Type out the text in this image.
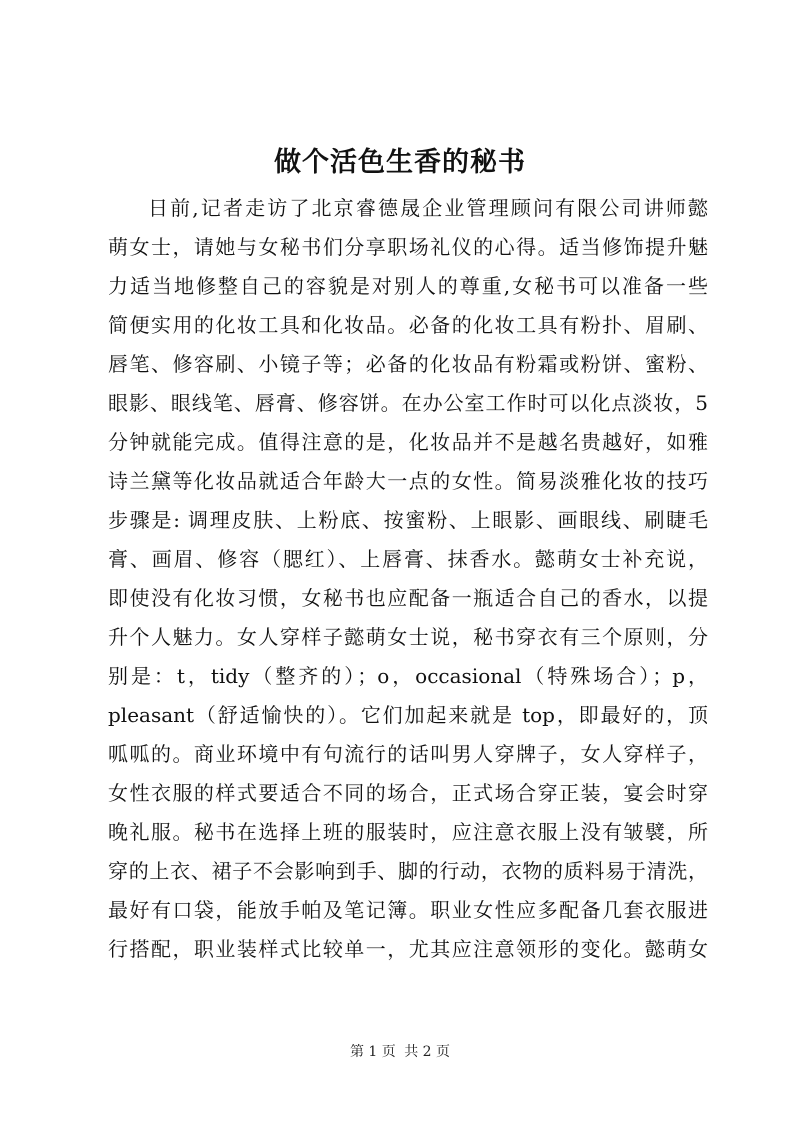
做个活色生香的秘书
日前,记者走访了北京睿德晟企业管理顾问有限公司讲师懿
萌女士，请她与女秘书们分享职场礼仪的心得。适当修饰提升魅
力适当地修整自己的容貌是对别人的尊重,女秘书可以准备一些
简便实用的化妆工具和化妆品。必备的化妆工具有粉扑、眉刷、
唇笔、修容刷、小镜子等；必备的化妆品有粉霜或粉饼、蜜粉、
眼影、眼线笔、唇膏、修容饼。在办公室工作时可以化点淡妆，5
分钟就能完成。值得注意的是，化妆品并不是越名贵越好，如雅
诗兰黛等化妆品就适合年龄大一点的女性。简易淡雅化妆的技巧
步骤是: 调理皮肤、上粉底、按蜜粉、上眼影、画眼线、刷睫毛
膏、画眉、修容（腮红）、上唇膏、抹香水。懿萌女士补充说，
即使没有化妆习惯，女秘书也应配备一瓶适合自己的香水，以提
升个人魅力。女人穿样子懿萌女士说，秘书穿衣有三个原则，分
别是：t，tidy（整齐的）；o，occasional（特殊场合）；p，
pleasant（舒适愉快的）。它们加起来就是 top，即最好的，顶
呱呱的。商业环境中有句流行的话叫男人穿牌子，女人穿样子，
女性衣服的样式要适合不同的场合，正式场合穿正装，宴会时穿
晚礼服。秘书在选择上班的服装时，应注意衣服上没有皱襞，所
穿的上衣、裙子不会影响到手、脚的行动，衣物的质料易于清洗，
最好有口袋，能放手帕及笔记簿。职业女性应多配备几套衣服进
行搭配，职业装样式比较单一，尤其应注意领形的变化。懿萌女
第 1 页 共 2 页
